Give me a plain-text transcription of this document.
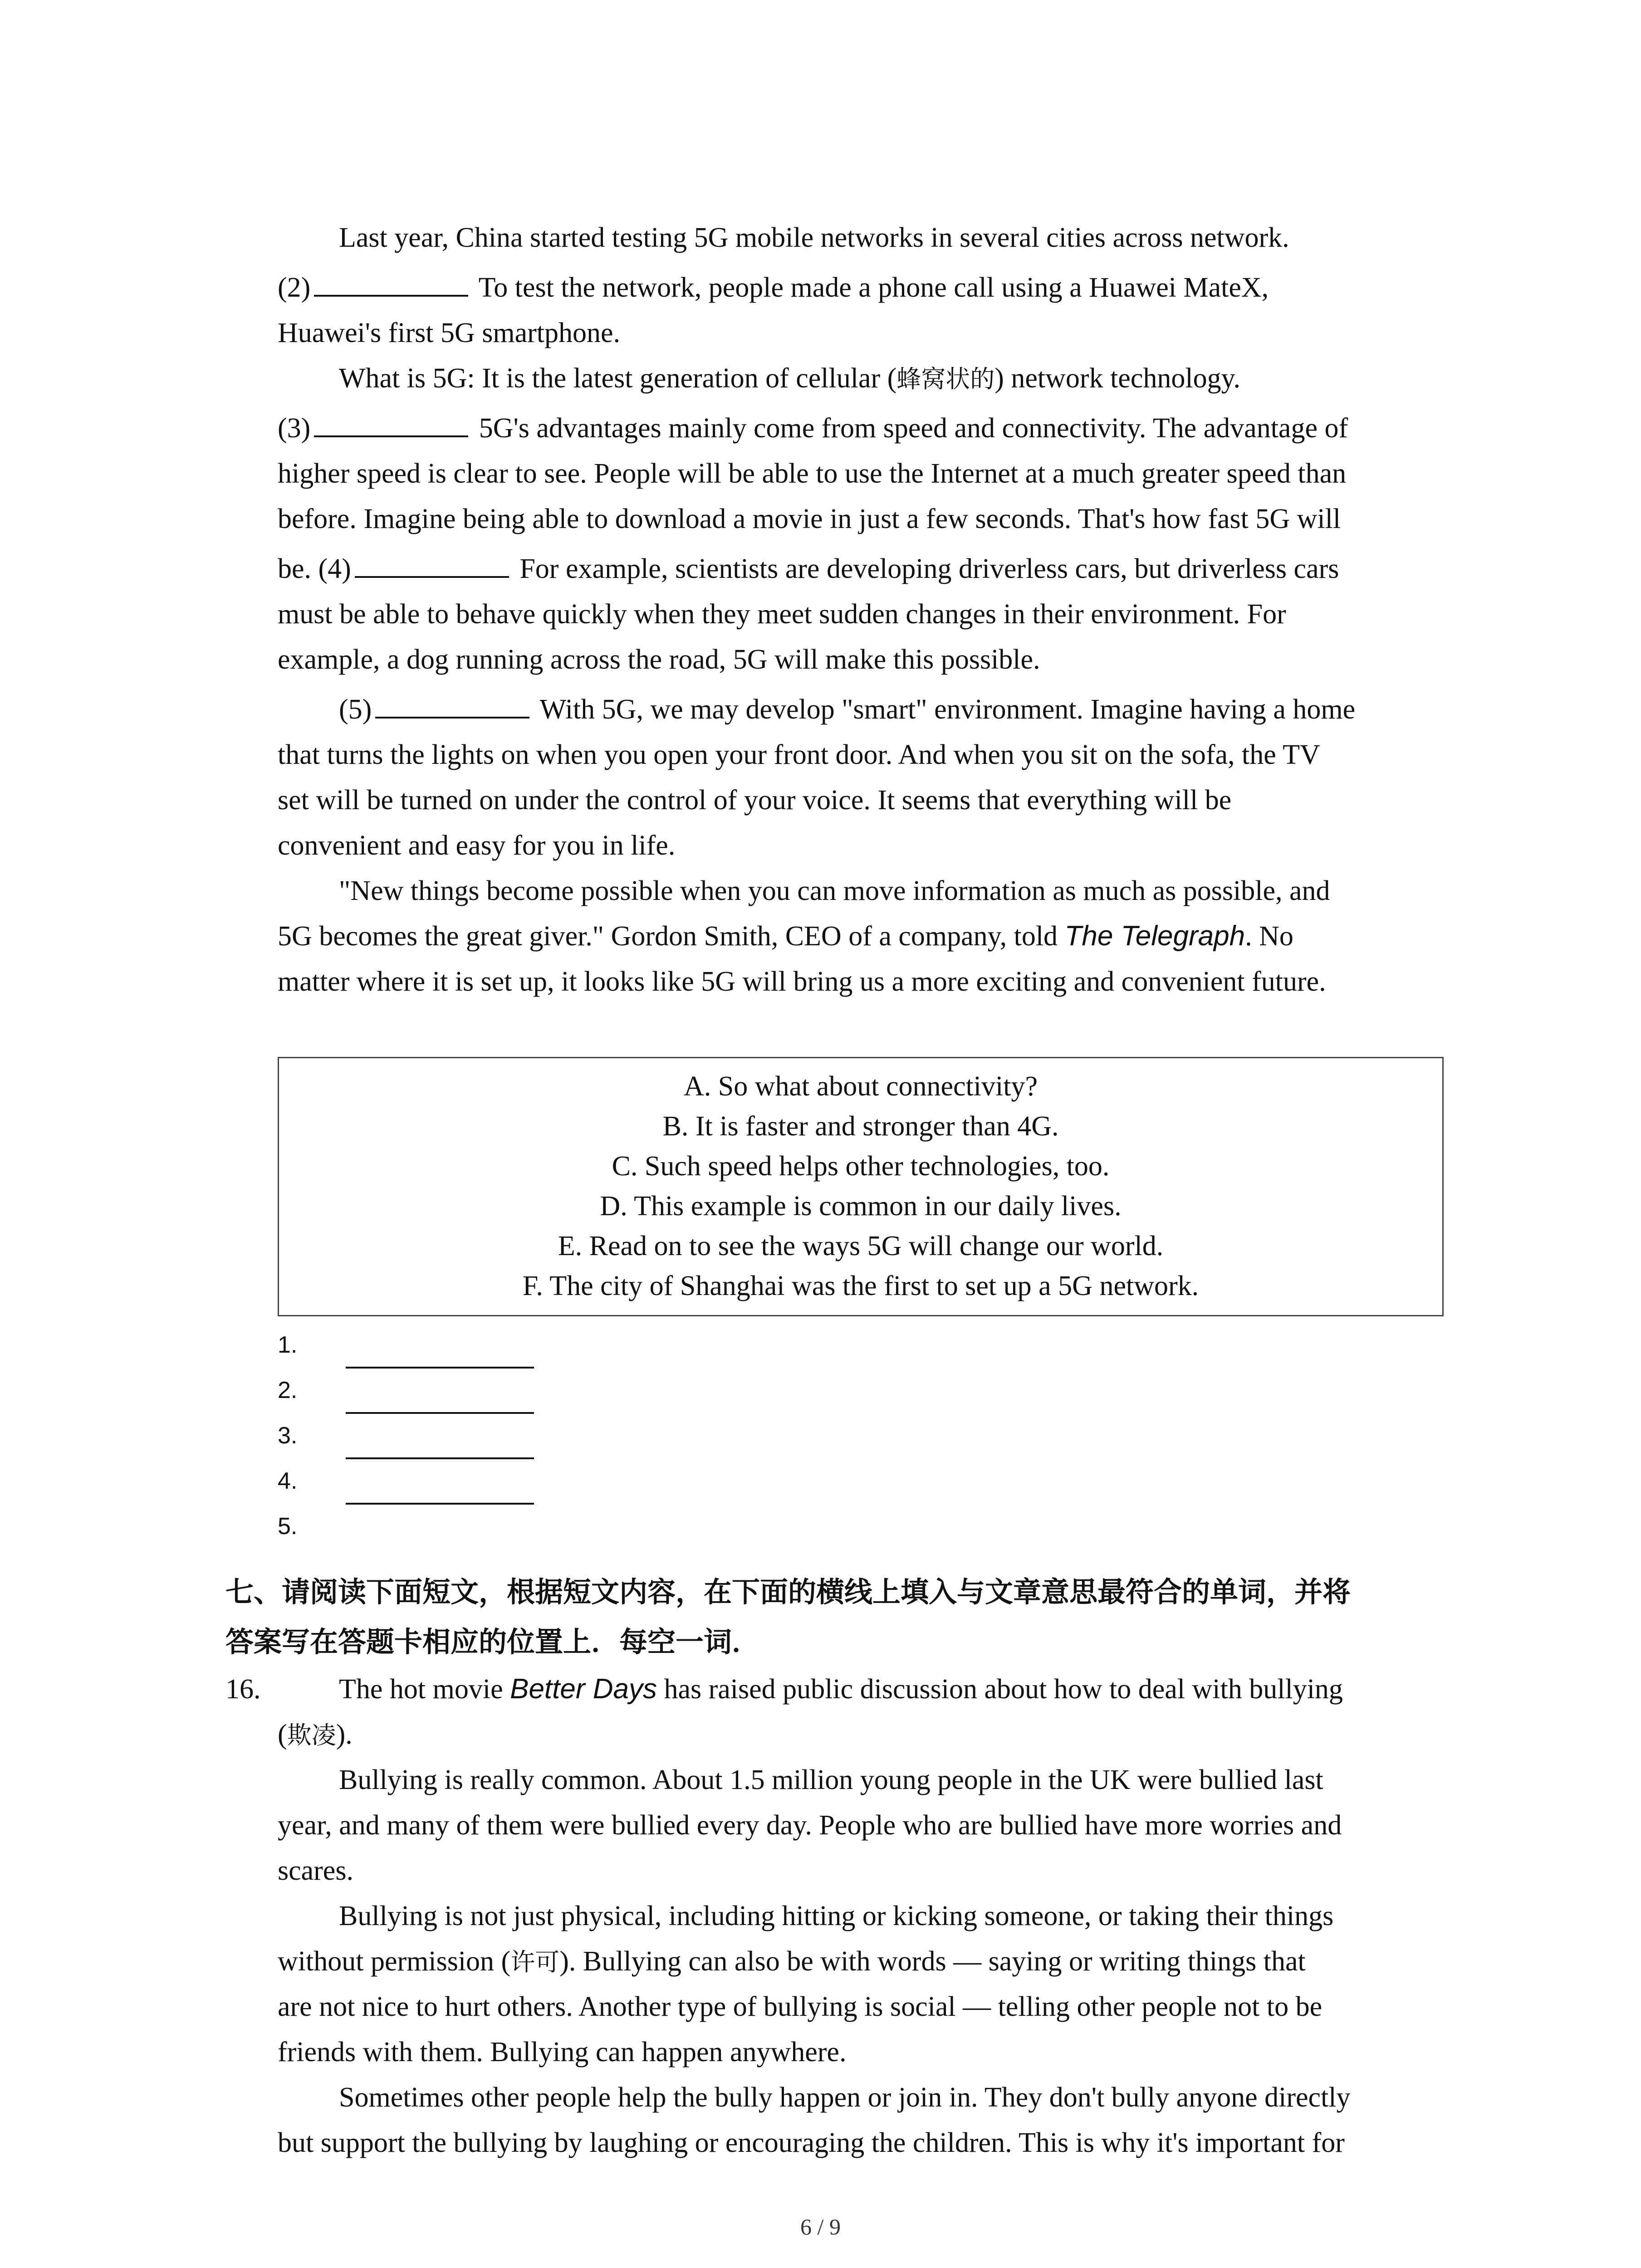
Last year, China started testing 5G mobile networks in several cities across network.
(2)	To test the network, people made a phone call using a Huawei MateX,
Huawei's first 5G smartphone.
What is 5G: It is the latest generation of cellular (蜂窝状的) network technology.
(3)	5G's advantages mainly come from speed and connectivity. The advantage of
higher speed is clear to see. People will be able to use the Internet at a much greater speed than
before. Imagine being able to download a movie in just a few seconds. That's how fast 5G will
be. (4)	For example, scientists are developing driverless cars, but driverless cars
must be able to behave quickly when they meet sudden changes in their environment. For
example, a dog running across the road, 5G will make this possible.
(5)	With 5G, we may develop "smart" environment. Imagine having a home
that turns the lights on when you open your front door. And when you sit on the sofa, the TV
set will be turned on under the control of your voice. It seems that everything will be
convenient and easy for you in life.
"New things become possible when you can move information as much as possible, and
5G becomes the great giver." Gordon Smith, CEO of a company, told The Telegraph. No
matter where it is set up, it looks like 5G will bring us a more exciting and convenient future.
A. So what about connectivity?
B. It is faster and stronger than 4G.
C. Such speed helps other technologies, too.
D. This example is common in our daily lives.
E. Read on to see the ways 5G will change our world.
F. The city of Shanghai was the first to set up a 5G network.
1.
2.
3.
4.
5.
七、请阅读下面短文，根据短文内容，在下面的横线上填入与文章意思最符合的单词，并将
答案写在答题卡相应的位置上．每空一词．
16.	The hot movie Better Days has raised public discussion about how to deal with bullying
(欺凌).
Bullying is really common. About 1.5 million young people in the UK were bullied last
year, and many of them were bullied every day. People who are bullied have more worries and
scares.
Bullying is not just physical, including hitting or kicking someone, or taking their things
without permission (许可). Bullying can also be with words — saying or writing things that
are not nice to hurt others. Another type of bullying is social — telling other people not to be
friends with them. Bullying can happen anywhere.
Sometimes other people help the bully happen or join in. They don't bully anyone directly
but support the bullying by laughing or encouraging the children. This is why it's important for
6 / 9
